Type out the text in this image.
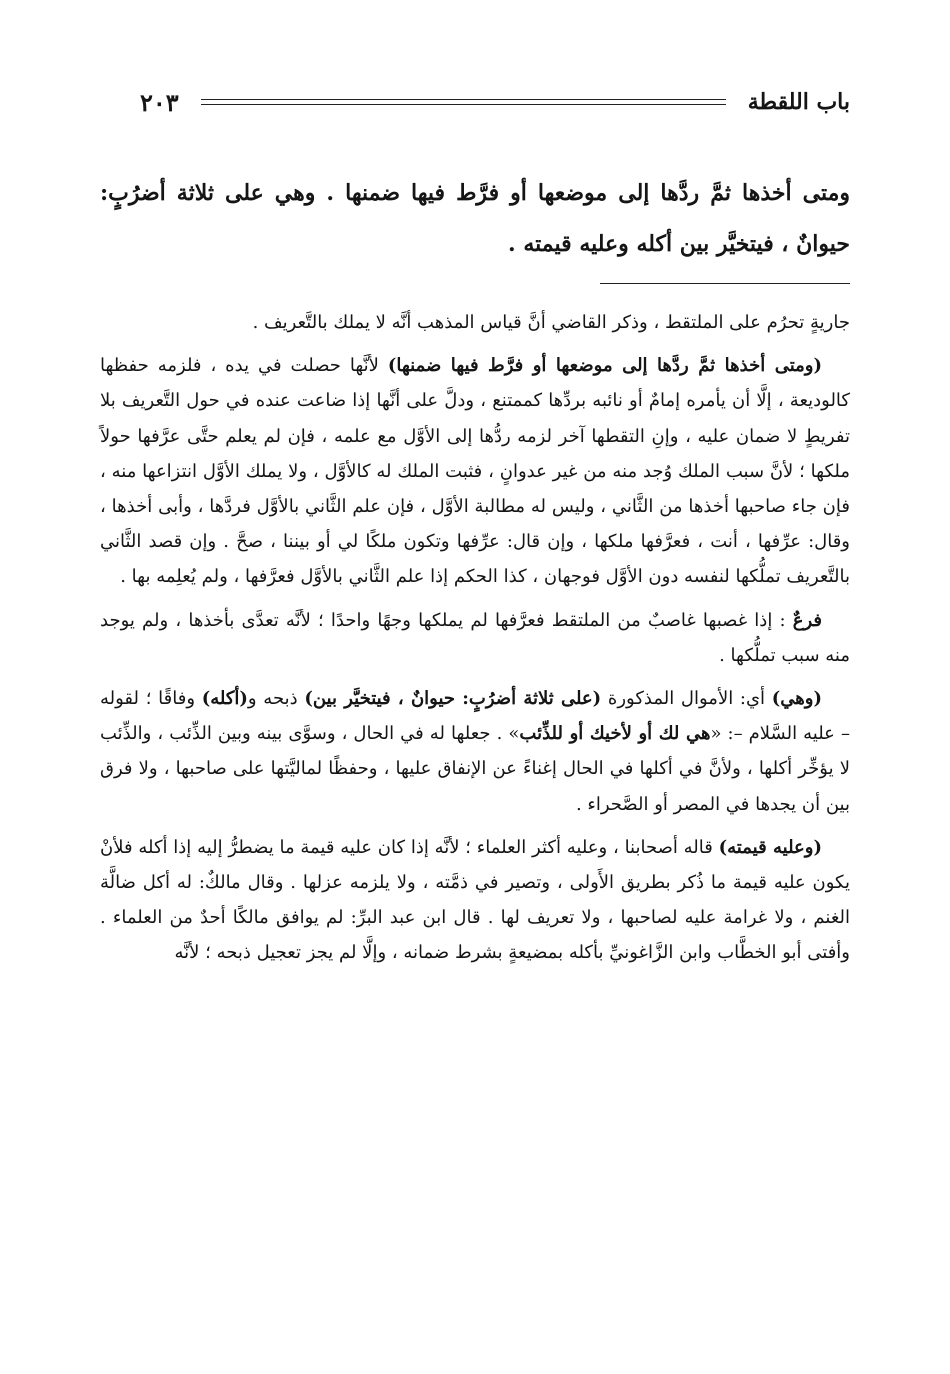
باب اللقطة
٢٠٣
ومتى أخذها ثمَّ ردَّها إلى موضعها أو فرَّط فيها ضمنها . وهي على ثلاثة أضرُبٍ: حيوانٌ ، فيتخيَّر بين أكله وعليه قيمته .

جاريةٍ تحرُم على الملتقط ، وذكر القاضي أنَّ قياس المذهب أنَّه لا يملك بالتَّعريف .

(ومتى أخذها ثمَّ ردَّها إلى موضعها أو فرَّط فيها ضمنها) لأنَّها حصلت في يده ، فلزمه حفظها كالوديعة ، إلَّا أن يأمره إمامٌ أو نائبه بردِّها كممتنع ، ودلَّ على أنَّها إذا ضاعت عنده في حول التَّعريف بلا تفريطٍ لا ضمان عليه ، وإنِ التقطها آخر لزمه ردُّها إلى الأوَّل مع علمه ، فإن لم يعلم حتَّى عرَّفها حولاً ملكها ؛ لأنَّ سبب الملك وُجد منه من غير عدوانٍ ، فثبت الملك له كالأوَّل ، ولا يملك الأوَّل انتزاعها منه ، فإن جاء صاحبها أخذها من الثَّاني ، وليس له مطالبة الأوَّل ، فإن علم الثَّاني بالأوَّل فردَّها ، وأبى أخذها ، وقال: عرِّفها ، أنت ، فعرَّفها ملكها ، وإن قال: عرِّفها وتكون ملكًا لي أو بيننا ، صحَّ . وإن قصد الثَّاني بالتَّعريف تملُّكها لنفسه دون الأوَّل فوجهان ، كذا الحكم إذا علم الثَّاني بالأوَّل فعرَّفها ، ولم يُعلِمه بها .

فرعٌ : إذا غصبها غاصبٌ من الملتقط فعرَّفها لم يملكها وجهًا واحدًا ؛ لأنَّه تعدَّى بأخذها ، ولم يوجد منه سبب تملُّكها .

(وهي) أي: الأموال المذكورة (على ثلاثة أضرُبٍ: حيوانٌ ، فيتخيَّر بين) ذبحه و(أكله) وفاقًا ؛ لقوله – عليه السَّلام –: «هي لك أو لأخيك أو للذِّئب» . جعلها له في الحال ، وسوَّى بينه وبين الذِّئب ، والذِّئب لا يؤخِّر أكلها ، ولأنَّ في أكلها في الحال إغناءً عن الإنفاق عليها ، وحفظًا لماليَّتها على صاحبها ، ولا فرق بين أن يجدها في المصر أو الصَّحراء .

(وعليه قيمته) قاله أصحابنا ، وعليه أكثر العلماء ؛ لأنَّه إذا كان عليه قيمة ما يضطرُّ إليه إذا أكله فلأنْ يكون عليه قيمة ما ذُكر بطريق الأَولى ، وتصير في ذمَّته ، ولا يلزمه عزلها . وقال مالكٌ: له أكل ضالَّة الغنم ، ولا غرامة عليه لصاحبها ، ولا تعريف لها . قال ابن عبد البرِّ: لم يوافق مالكًا أحدٌ من العلماء . وأفتى أبو الخطَّاب وابن الزَّاغونيِّ بأكله بمضيعةٍ بشرط ضمانه ، وإلَّا لم يجز تعجيل ذبحه ؛ لأنَّه
